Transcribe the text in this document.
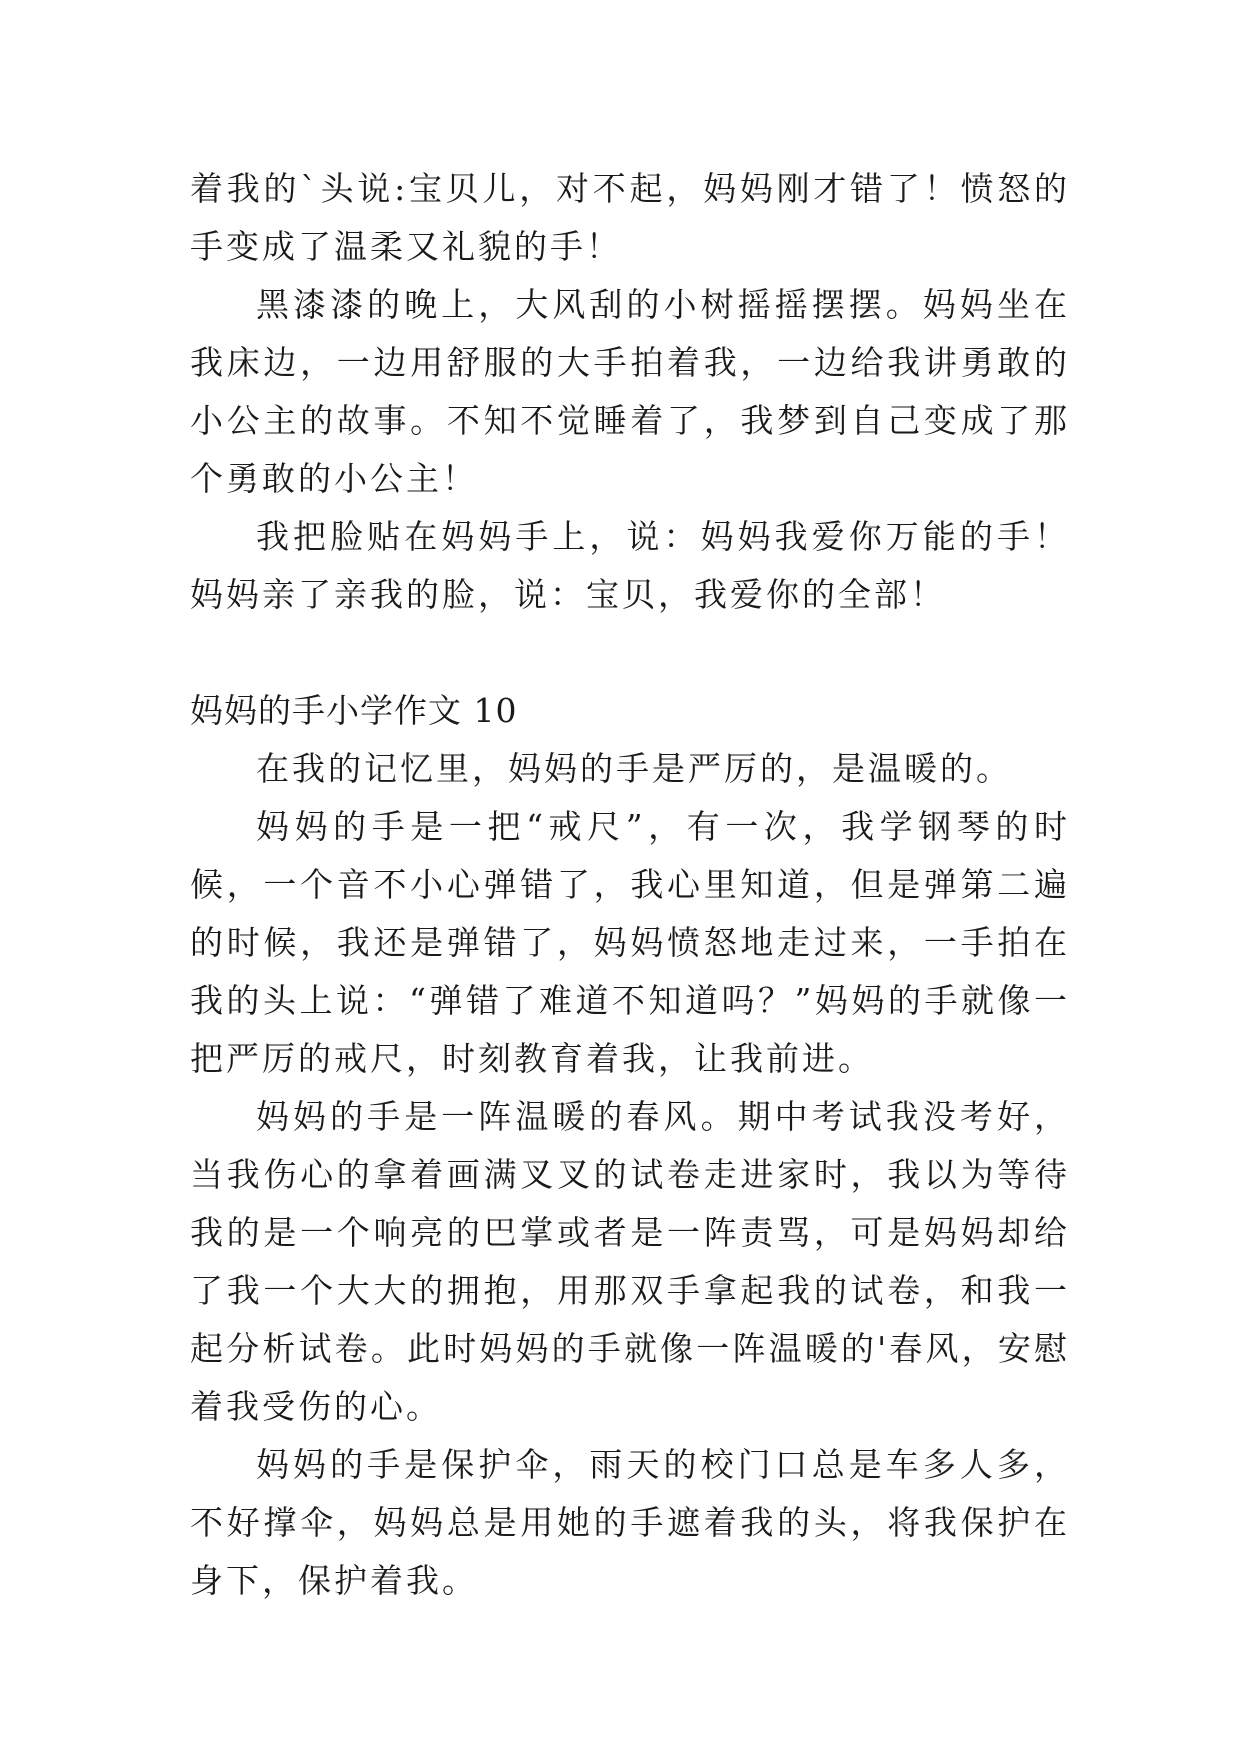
着我的`头说:宝贝儿，对不起，妈妈刚才错了！愤怒的手变成了温柔又礼貌的手！

黑漆漆的晚上，大风刮的小树摇摇摆摆。妈妈坐在我床边，一边用舒服的大手拍着我，一边给我讲勇敢的小公主的故事。不知不觉睡着了，我梦到自己变成了那个勇敢的小公主！

我把脸贴在妈妈手上，说：妈妈我爱你万能的手！妈妈亲了亲我的脸，说：宝贝，我爱你的全部！

妈妈的手小学作文 10

在我的记忆里，妈妈的手是严厉的，是温暖的。

妈妈的手是一把“戒尺”，有一次，我学钢琴的时候，一个音不小心弹错了，我心里知道，但是弹第二遍的时候，我还是弹错了，妈妈愤怒地走过来，一手拍在我的头上说：“弹错了难道不知道吗？”妈妈的手就像一把严厉的戒尺，时刻教育着我，让我前进。

妈妈的手是一阵温暖的春风。期中考试我没考好，当我伤心的拿着画满叉叉的试卷走进家时，我以为等待我的是一个响亮的巴掌或者是一阵责骂，可是妈妈却给了我一个大大的拥抱，用那双手拿起我的试卷，和我一起分析试卷。此时妈妈的手就像一阵温暖的'春风，安慰着我受伤的心。

妈妈的手是保护伞，雨天的校门口总是车多人多，不好撑伞，妈妈总是用她的手遮着我的头，将我保护在身下，保护着我。
